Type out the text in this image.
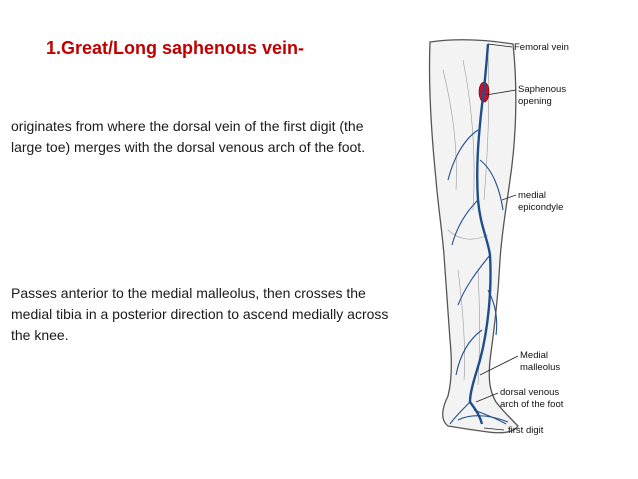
1.Great/Long saphenous vein-

originates from where the dorsal vein of the first digit (the large toe) merges with the dorsal venous arch of the foot.

Passes anterior to the medial malleolus, then crosses the medial tibia in a posterior direction to ascend medially across the knee.

Femoral vein
Saphenous
opening
medial
epicondyle
Medial
malleolus
dorsal venous
arch of the foot
first digit
